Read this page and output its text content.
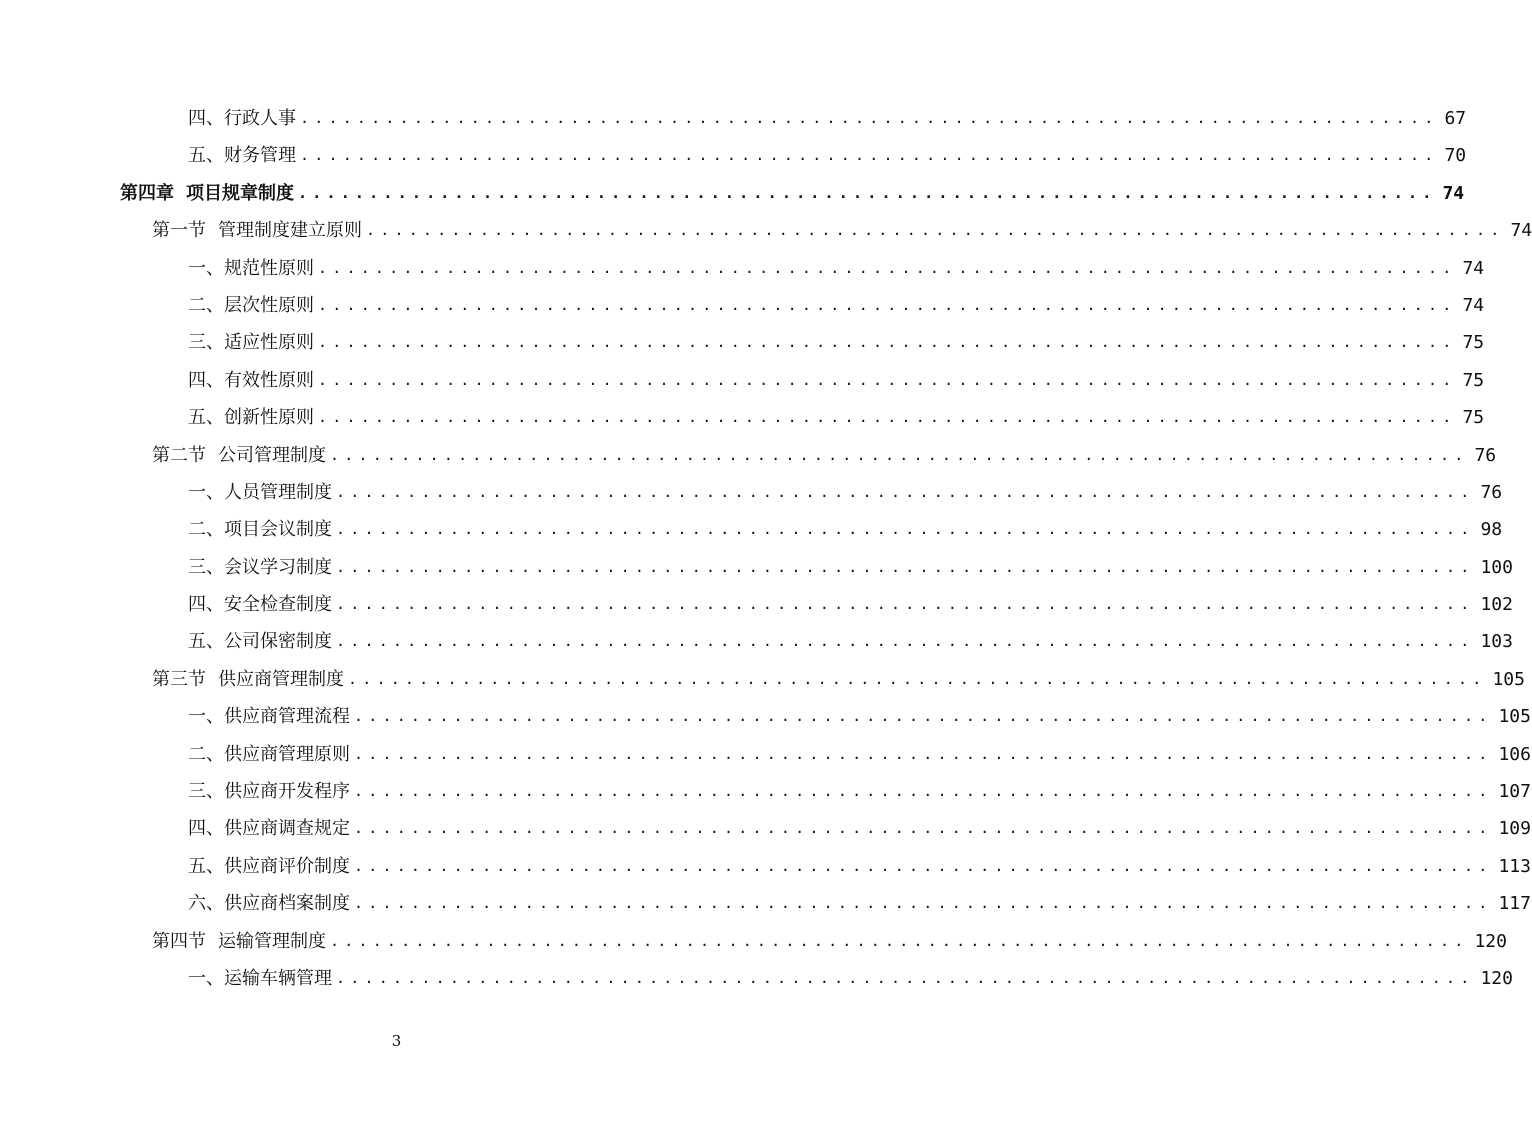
四、 行政人事 ................................................................................ 67
五、 财务管理 ................................................................................ 70
第四章 项目规章制度 ................................................................................ 74
第一节 管理制度建立原则 ................................................................................ 74
一、 规范性原则 ................................................................................ 74
二、 层次性原则 ................................................................................ 74
三、 适应性原则 ................................................................................ 75
四、 有效性原则 ................................................................................ 75
五、 创新性原则 ................................................................................ 75
第二节 公司管理制度 ................................................................................ 76
一、 人员管理制度 ................................................................................ 76
二、 项目会议制度 ................................................................................ 98
三、 会议学习制度 ................................................................................ 100
四、 安全检查制度 ................................................................................ 102
五、 公司保密制度 ................................................................................ 103
第三节 供应商管理制度 ................................................................................ 105
一、 供应商管理流程 ................................................................................ 105
二、 供应商管理原则 ................................................................................ 106
三、 供应商开发程序 ................................................................................ 107
四、 供应商调查规定 ................................................................................ 109
五、 供应商评价制度 ................................................................................ 113
六、 供应商档案制度 ................................................................................ 117
第四节 运输管理制度 ................................................................................ 120
一、 运输车辆管理 ................................................................................ 120
3
